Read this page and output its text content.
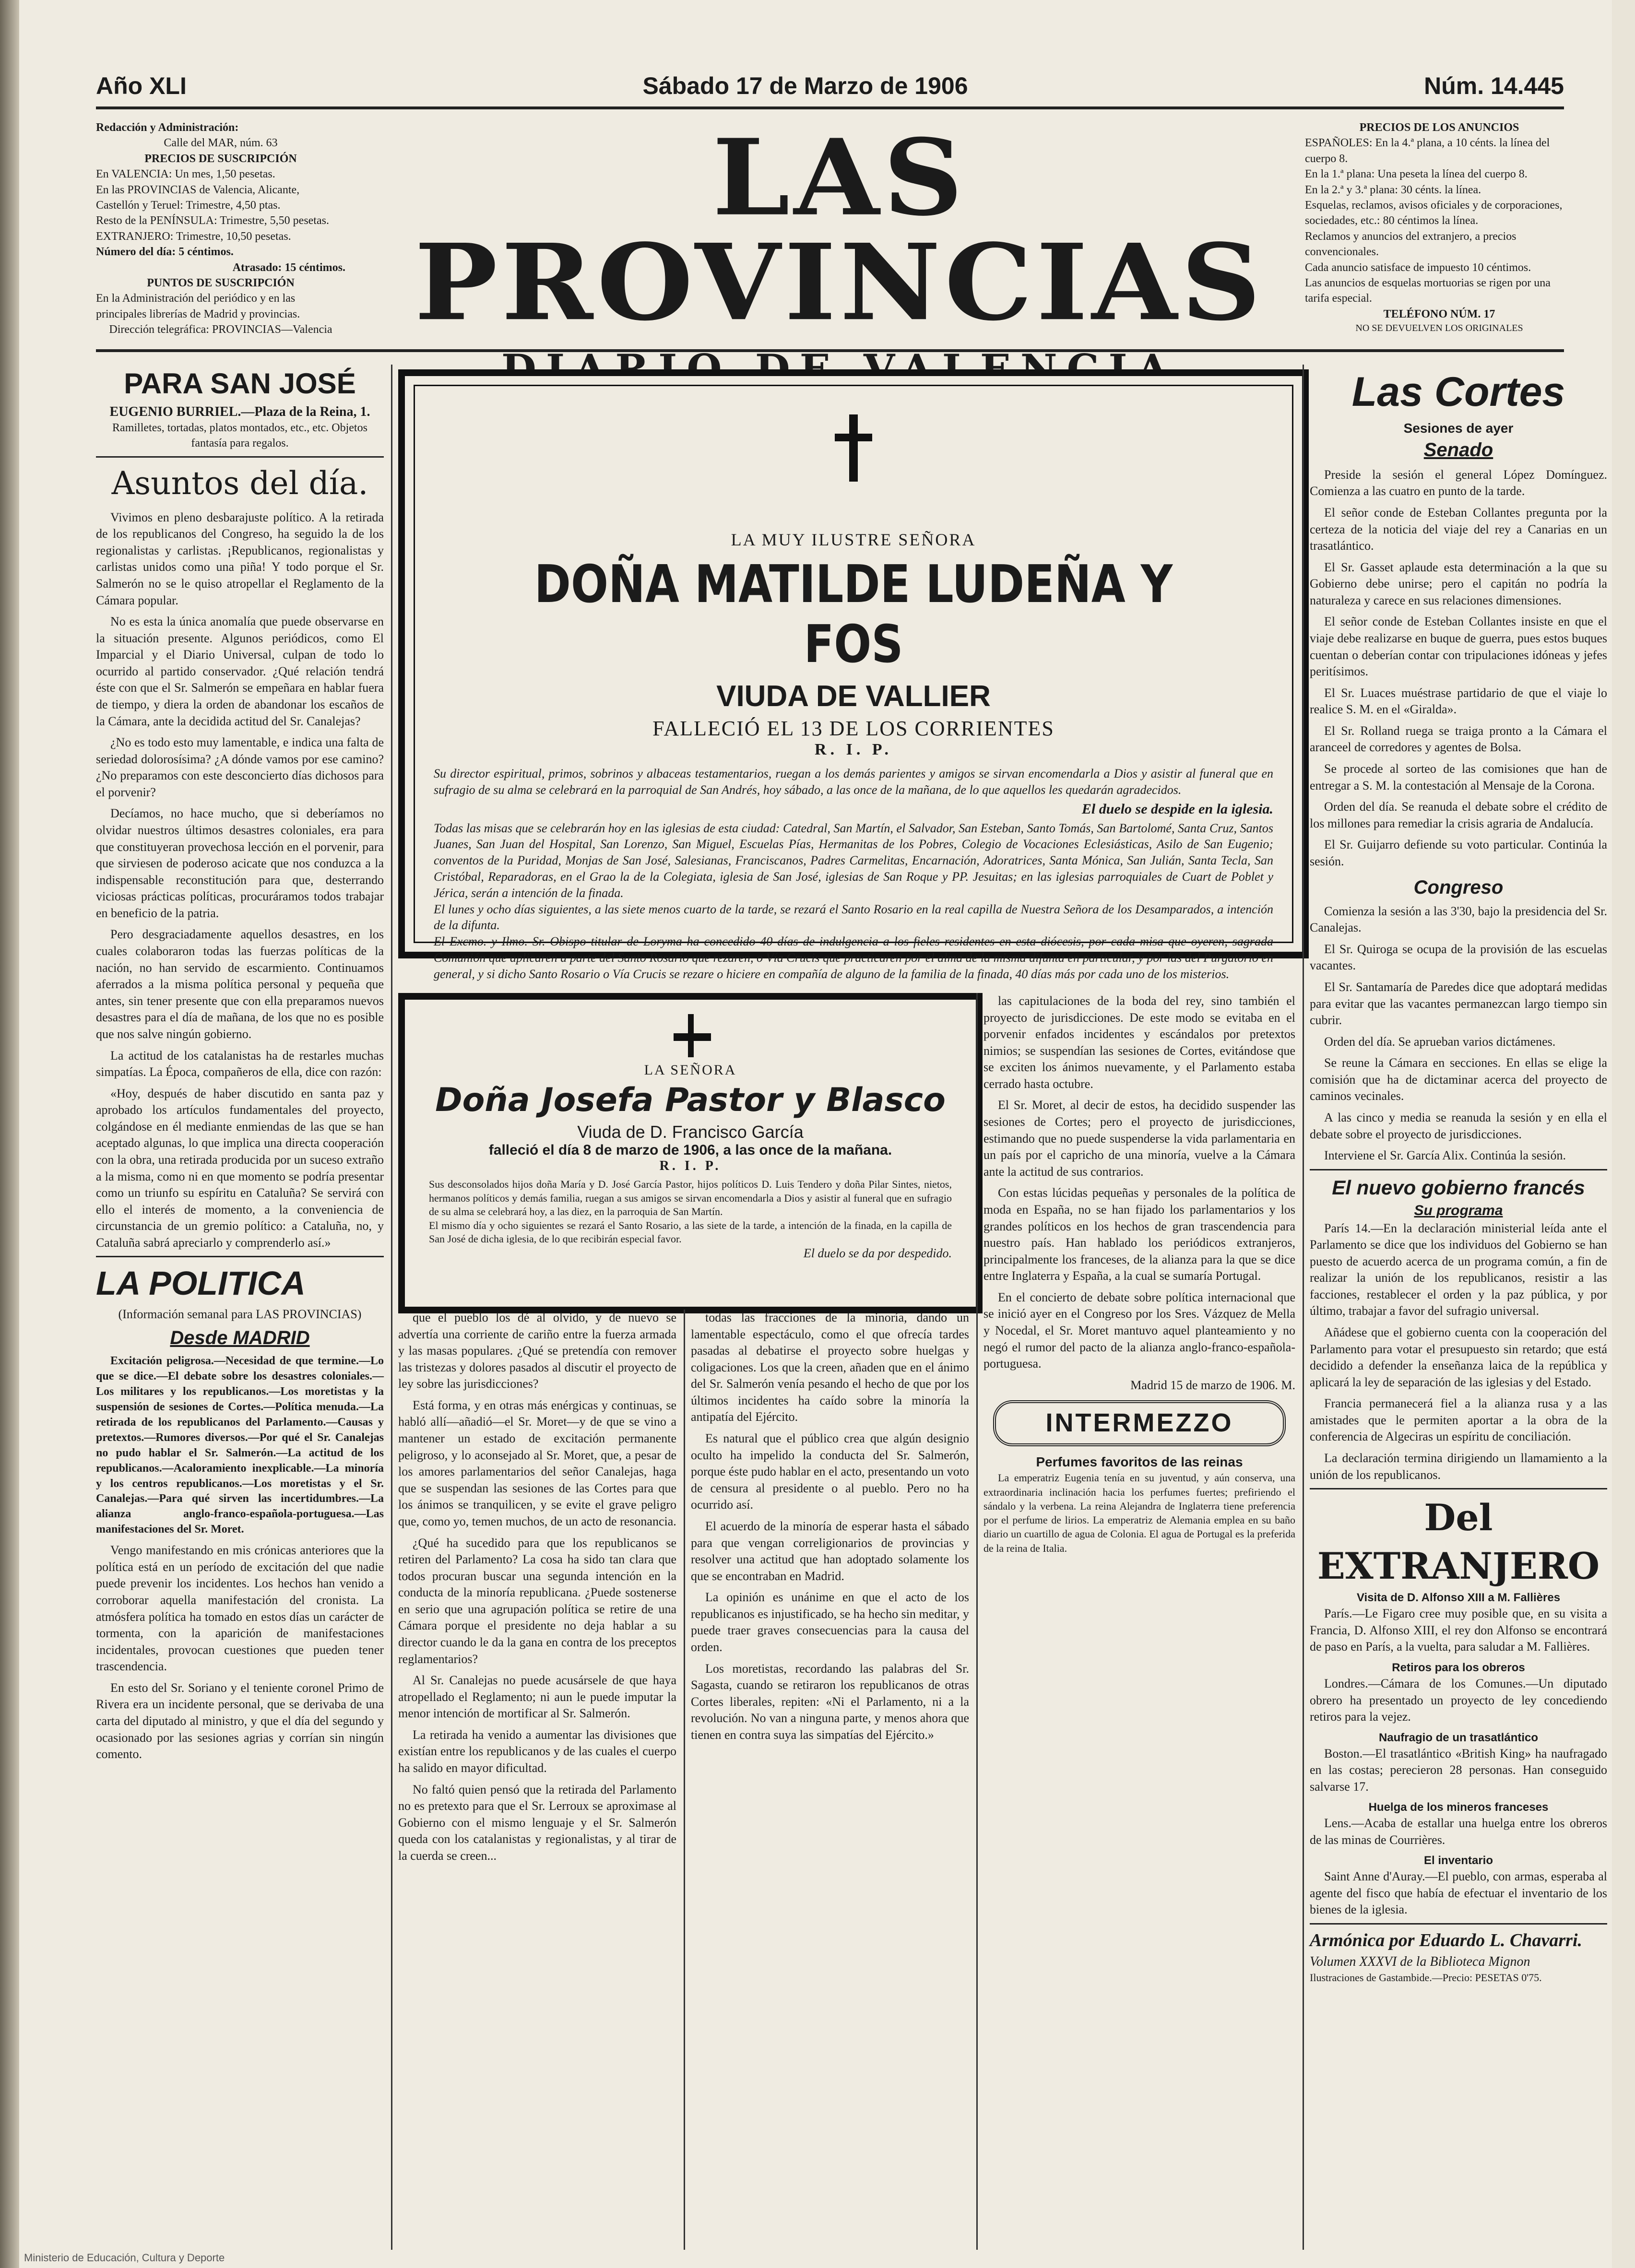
Año XLI	Sábado 17 de Marzo de 1906	Núm. 14.445
Redacción y Administración:
Calle del MAR, núm. 63
PRECIOS DE SUSCRIPCIÓN
En VALENCIA: Un mes, 1,50 pesetas.
En las PROVINCIAS de Valencia, Alicante, Castellón y Teruel: Trimestre, 4,50 ptas.
Resto de la PENÍNSULA: Trimestre, 5,50 pesetas.
EXTRANJERO: Trimestre, 10,50 pesetas.
Número del día: 5 céntimos.
Atrasado: 15 céntimos.
PUNTOS DE SUSCRIPCIÓN
En la Administración del periódico y en las principales librerías de Madrid y provincias.
Dirección telegráfica: PROVINCIAS—Valencia
LAS PROVINCIAS
PRECIOS DE LOS ANUNCIOS
ESPAÑOLES: En la 4.ª plana, a 10 cénts. la línea del cuerpo 8.
En la 1.ª plana: Una peseta la línea del cuerpo 8.
En la 2.ª y 3.ª plana: 30 cénts. la línea.
Esquelas, reclamos, avisos oficiales y de corporaciones, sociedades, etc.: 80 céntimos la línea.
Reclamos y anuncios del extranjero, a precios convencionales.
Cada anuncio satisface de impuesto 10 céntimos.
Las anuncios de esquelas mortuorias se rigen por una tarifa especial.
TELÉFONO NÚM. 17
NO SE DEVUELVEN LOS ORIGINALES
PARA SAN JOSÉ
EUGENIO BURRIEL.—Plaza de la Reina, 1.
Ramilletes, tortadas, platos montados, etc., etc. Objetos fantasía para regalos.
Asuntos del día.

Vivimos en pleno desbarajuste político. A la retirada de los republicanos del Congreso, ha seguido la de los regionalistas y carlistas. ¡Republicanos, regionalistas y carlistas unidos como una piña! Y todo porque el Sr. Salmerón no se le quiso atropellar el Reglamento de la Cámara popular.

No es esta la única anomalía que puede observarse en la situación presente. Algunos periódicos, como El Imparcial y el Diario Universal, culpan de todo lo ocurrido al partido conservador. ¿Qué relación tendrá éste con que el Sr. Salmerón se empeñara en hablar fuera de tiempo, y diera la orden de abandonar los escaños de la Cámara, ante la decidida actitud del Sr. Canalejas?

¿No es todo esto muy lamentable, e indica una falta de seriedad dolorosísima? ¿A dónde vamos por ese camino? ¿No preparamos con este desconcierto días dichosos para el porvenir?

Decíamos, no hace mucho, que si deberíamos no olvidar nuestros últimos desastres coloniales, era para que constituyeran provechosa lección en el porvenir, para que sirviesen de poderoso acicate que nos conduzca a la indispensable reconstitución para que, desterrando viciosas prácticas políticas, procuráramos todos trabajar en beneficio de la patria.

Pero desgraciadamente aquellos desastres, en los cuales colaboraron todas las fuerzas políticas de la nación, no han servido de escarmiento. Continuamos aferrados a la misma política personal y pequeña que antes, sin tener presente que con ella preparamos nuevos desastres para el día de mañana, de los que no es posible que nos salve ningún gobierno.

La actitud de los catalanistas ha de restarles muchas simpatías. La Época, compañeros de ella, dice con razón:

«Hoy, después de haber discutido en santa paz y aprobado los artículos fundamentales del proyecto, colgándose en él mediante enmiendas de las que se han aceptado algunas, lo que implica una directa cooperación con la obra, una retirada producida por un suceso extraño a la misma, como ni en que momento se podría presentar como un triunfo su espíritu en Cataluña? Se servirá con ello el interés de momento, a la conveniencia de circunstancia de un gremio político: a Cataluña, no, y Cataluña sabrá apreciarlo y comprenderlo así.»

LA POLITICA
(Información semanal para LAS PROVINCIAS)
Desde MADRID

Excitación peligrosa.—Necesidad de que termine.—Lo que se dice.—El debate sobre los desastres coloniales.—Los militares y los republicanos.—Los moretistas y la suspensión de sesiones de Cortes.—Política menuda.—La retirada de los republicanos del Parlamento.—Causas y pretextos.—Rumores diversos.—Por qué el Sr. Canalejas no pudo hablar el Sr. Salmerón.—La actitud de los republicanos.—Acaloramiento inexplicable.—La minoría y los centros republicanos.—Los moretistas y el Sr. Canalejas.—Para qué sirven las incertidumbres.—La alianza anglo-franco-española-portuguesa.—Las manifestaciones del Sr. Moret.

Vengo manifestando en mis crónicas anteriores que la política está en un período de excitación del que nadie puede prevenir los incidentes. Los hechos han venido a corroborar aquella manifestación del cronista. La atmósfera política ha tomado en estos días un carácter de tormenta, con la aparición de manifestaciones incidentales, provocan cuestiones que pueden tener trascendencia.

En esto del Sr. Soriano y el teniente coronel Primo de Rivera era un incidente personal, que se derivaba de una carta del diputado al ministro, y que el día del segundo y ocasionado por las sesiones agrias y corrían sin ningún comento.

LA MUY ILUSTRE SEÑORA
DOÑA MATILDE LUDEÑA Y FOS
VIUDA DE VALLIER
FALLECIÓ EL 13 DE LOS CORRIENTES
R. I. P.
Su director espiritual, primos, sobrinos y albaceas testamentarios, ruegan a los demás parientes y amigos se sirvan encomendarla a Dios y asistir al funeral que en sufragio de su alma se celebrará en la parroquial de San Andrés, hoy sábado, a las once de la mañana, de lo que aquellos les quedarán agradecidos.
El duelo se despide en la iglesia.
Todas las misas que se celebrarán hoy en las iglesias de esta ciudad: Catedral, San Martín, el Salvador, San Esteban, Santo Tomás, San Bartolomé, Santa Cruz, Santos Juanes, San Juan del Hospital, San Lorenzo, San Miguel, Escuelas Pías, Hermanitas de los Pobres, Colegio de Vocaciones Eclesiásticas, Asilo de San Eugenio; conventos de la Puridad, Monjas de San José, Salesianas, Franciscanos, Padres Carmelitas, Encarnación, Adoratrices, Santa Mónica, San Julián, Santa Tecla, San Cristóbal, Reparadoras, en el Grao la de la Colegiata, iglesia de San José, iglesias de San Roque y PP. Jesuitas; en las iglesias parroquiales de Cuart de Poblet y Jérica, serán a intención de la finada.
El lunes y ocho días siguientes, a las siete menos cuarto de la tarde, se rezará el Santo Rosario en la real capilla de Nuestra Señora de los Desamparados, a intención de la difunta.
El Excmo. y Ilmo. Sr. Obispo titular de Loryma ha concedido 40 días de indulgencia a los fieles residentes en esta diócesis, por cada misa que oyeren, sagrada Comunión que aplicaren a parte del Santo Rosario que rezaren, o Vía Crucis que practicaren por el alma de la misma difunta en particular, y por las del Purgatorio en general, y si dicho Santo Rosario o Vía Crucis se rezare o hiciere en compañía de alguno de la familia de la finada, 40 días más por cada uno de los misterios.
LA SEÑORA
Doña Josefa Pastor y Blasco
Viuda de D. Francisco García
falleció el día 8 de marzo de 1906, a las once de la mañana.
R. I. P.
Sus desconsolados hijos doña María y D. José García Pastor, hijos políticos D. Luis Tendero y doña Pilar Sintes, nietos, hermanos políticos y demás familia, ruegan a sus amigos se sirvan encomendarla a Dios y asistir al funeral que en sufragio de su alma se celebrará hoy, a las diez, en la parroquia de San Martín.
El mismo día y ocho siguientes se rezará el Santo Rosario, a las siete de la tarde, a intención de la finada, en la capilla de San José de dicha iglesia, de lo que recibirán especial favor.
El duelo se da por despedido.

que el pueblo los dé al olvido, y de nuevo se advertía una corriente de cariño entre la fuerza armada y las masas populares. ¿Qué se pretendía con remover las tristezas y dolores pasados al discutir el proyecto de ley sobre las jurisdicciones?

Está forma, y en otras más enérgicas y continuas, se habló allí—añadió—el Sr. Moret—y de que se vino a mantener un estado de excitación permanente peligroso, y lo aconsejado al Sr. Moret, que, a pesar de los amores parlamentarios del señor Canalejas, haga que se suspendan las sesiones de las Cortes para que los ánimos se tranquilicen, y se evite el grave peligro que, como yo, temen muchos, de un acto de resonancia.

¿Qué ha sucedido para que los republicanos se retiren del Parlamento? La cosa ha sido tan clara que todos procuran buscar una segunda intención en la conducta de la minoría republicana. ¿Puede sostenerse en serio que una agrupación política se retire de una Cámara porque el presidente no deja hablar a su director cuando le da la gana en contra de los preceptos reglamentarios?

Al Sr. Canalejas no puede acusársele de que haya atropellado el Reglamento; ni aun le puede imputar la menor intención de mortificar al Sr. Salmerón.

La retirada ha venido a aumentar las divisiones que existían entre los republicanos y de las cuales el cuerpo ha salido en mayor dificultad.

No faltó quien pensó que la retirada del Parlamento no es pretexto para que el Sr. Lerroux se aproximase al Gobierno con el mismo lenguaje y el Sr. Salmerón queda con los catalanistas y regionalistas, y al tirar de la cuerda se creen...

todas las fracciones de la minoría, dando un lamentable espectáculo, como el que ofrecía tardes pasadas al debatirse el proyecto sobre huelgas y coligaciones. Los que la creen, añaden que en el ánimo del Sr. Salmerón venía pesando el hecho de que por los últimos incidentes ha caído sobre la minoría la antipatía del Ejército.

Es natural que el público crea que algún designio oculto ha impelido la conducta del Sr. Salmerón, porque éste pudo hablar en el acto, presentando un voto de censura al presidente o al pueblo. Pero no ha ocurrido así.

El acuerdo de la minoría de esperar hasta el sábado para que vengan correligionarios de provincias y resolver una actitud que han adoptado solamente los que se encontraban en Madrid.

La opinión es unánime en que el acto de los republicanos es injustificado, se ha hecho sin meditar, y puede traer graves consecuencias para la causa del orden.

Los moretistas, recordando las palabras del Sr. Sagasta, cuando se retiraron los republicanos de otras Cortes liberales, repiten: «Ni el Parlamento, ni a la revolución. No van a ninguna parte, y menos ahora que tienen en contra suya las simpatías del Ejército.»

las capitulaciones de la boda del rey, sino también el proyecto de jurisdicciones. De este modo se evitaba en el porvenir enfados incidentes y escándalos por pretextos nimios; se suspendían las sesiones de Cortes, evitándose que se exciten los ánimos nuevamente, y el Parlamento estaba cerrado hasta octubre.

El Sr. Moret, al decir de estos, ha decidido suspender las sesiones de Cortes; pero el proyecto de jurisdicciones, estimando que no puede suspenderse la vida parlamentaria en un país por el capricho de una minoría, vuelve a la Cámara ante la actitud de sus contrarios.

Con estas lúcidas pequeñas y personales de la política de moda en España, no se han fijado los parlamentarios y los grandes políticos en los hechos de gran trascendencia para nuestro país. Han hablado los periódicos extranjeros, principalmente los franceses, de la alianza para la que se dice entre Inglaterra y España, a la cual se sumaría Portugal.

En el concierto de debate sobre política internacional que se inició ayer en el Congreso por los Sres. Vázquez de Mella y Nocedal, el Sr. Moret mantuvo aquel planteamiento y no negó el rumor del pacto de la alianza anglo-franco-española-portuguesa.

Madrid 15 de marzo de 1906. M.

INTERMEZZO
Perfumes favoritos de las reinas

La emperatriz Eugenia tenía en su juventud, y aún conserva, una extraordinaria inclinación hacia los perfumes fuertes; prefiriendo el sándalo y la verbena. La reina Alejandra de Inglaterra tiene preferencia por el perfume de lirios. La emperatriz de Alemania emplea en su baño diario un cuartillo de agua de Colonia. El agua de Portugal es la preferida de la reina de Italia.

Las Cortes
Sesiones de ayer
Senado

Preside la sesión el general López Domínguez. Comienza a las cuatro en punto de la tarde.

El señor conde de Esteban Collantes pregunta por la certeza de la noticia del viaje del rey a Canarias en un trasatlántico.

El Sr. Gasset aplaude esta determinación a la que su Gobierno debe unirse; pero el capitán no podría la naturaleza y carece en sus relaciones dimensiones.

El señor conde de Esteban Collantes insiste en que el viaje debe realizarse en buque de guerra, pues estos buques cuentan o deberían contar con tripulaciones idóneas y jefes peritísimos.

El Sr. Luaces muéstrase partidario de que el viaje lo realice S. M. en el «Giralda».

El Sr. Rolland ruega se traiga pronto a la Cámara el aranceel de corredores y agentes de Bolsa.

Se procede al sorteo de las comisiones que han de entregar a S. M. la contestación al Mensaje de la Corona.

Orden del día. Se reanuda el debate sobre el crédito de los millones para remediar la crisis agraria de Andalucía.

El Sr. Guijarro defiende su voto particular. Continúa la sesión.

Congreso

Comienza la sesión a las 3'30, bajo la presidencia del Sr. Canalejas.

El Sr. Quiroga se ocupa de la provisión de las escuelas vacantes.

El Sr. Santamaría de Paredes dice que adoptará medidas para evitar que las vacantes permanezcan largo tiempo sin cubrir.

Orden del día. Se aprueban varios dictámenes.

Se reune la Cámara en secciones. En ellas se elige la comisión que ha de dictaminar acerca del proyecto de caminos vecinales.

A las cinco y media se reanuda la sesión y en ella el debate sobre el proyecto de jurisdicciones.

Interviene el Sr. García Alix. Continúa la sesión.

El nuevo gobierno francés
Su programa

París 14.—En la declaración ministerial leída ante el Parlamento se dice que los individuos del Gobierno se han puesto de acuerdo acerca de un programa común, a fin de realizar la unión de los republicanos, resistir a las facciones, restablecer el orden y la paz pública, y por último, trabajar a favor del sufragio universal.

Añádese que el gobierno cuenta con la cooperación del Parlamento para votar el presupuesto sin retardo; que está decidido a defender la enseñanza laica de la república y aplicará la ley de separación de las iglesias y del Estado.

Francia permanecerá fiel a la alianza rusa y a las amistades que le permiten aportar a la obra de la conferencia de Algeciras un espíritu de conciliación.

La declaración termina dirigiendo un llamamiento a la unión de los republicanos.

Del EXTRANJERO
Visita de D. Alfonso XIII a M. Fallières

París.—Le Figaro cree muy posible que, en su visita a Francia, D. Alfonso XIII, el rey don Alfonso se encontrará de paso en París, a la vuelta, para saludar a M. Fallières.

Retiros para los obreros

Londres.—Cámara de los Comunes.—Un diputado obrero ha presentado un proyecto de ley concediendo retiros para la vejez.

Naufragio de un trasatlántico

Boston.—El trasatlántico «British King» ha naufragado en las costas; perecieron 28 personas. Han conseguido salvarse 17.

Huelga de los mineros franceses

Lens.—Acaba de estallar una huelga entre los obreros de las minas de Courrières.

El inventario

Saint Anne d'Auray.—El pueblo, con armas, esperaba al agente del fisco que había de efectuar el inventario de los bienes de la iglesia.

Armónica por Eduardo L. Chavarri.
Volumen XXXVI de la Biblioteca Mignon
Ilustraciones de Gastambide.—Precio: PESETAS 0'75.
Ministerio de Educación, Cultura y Deporte
